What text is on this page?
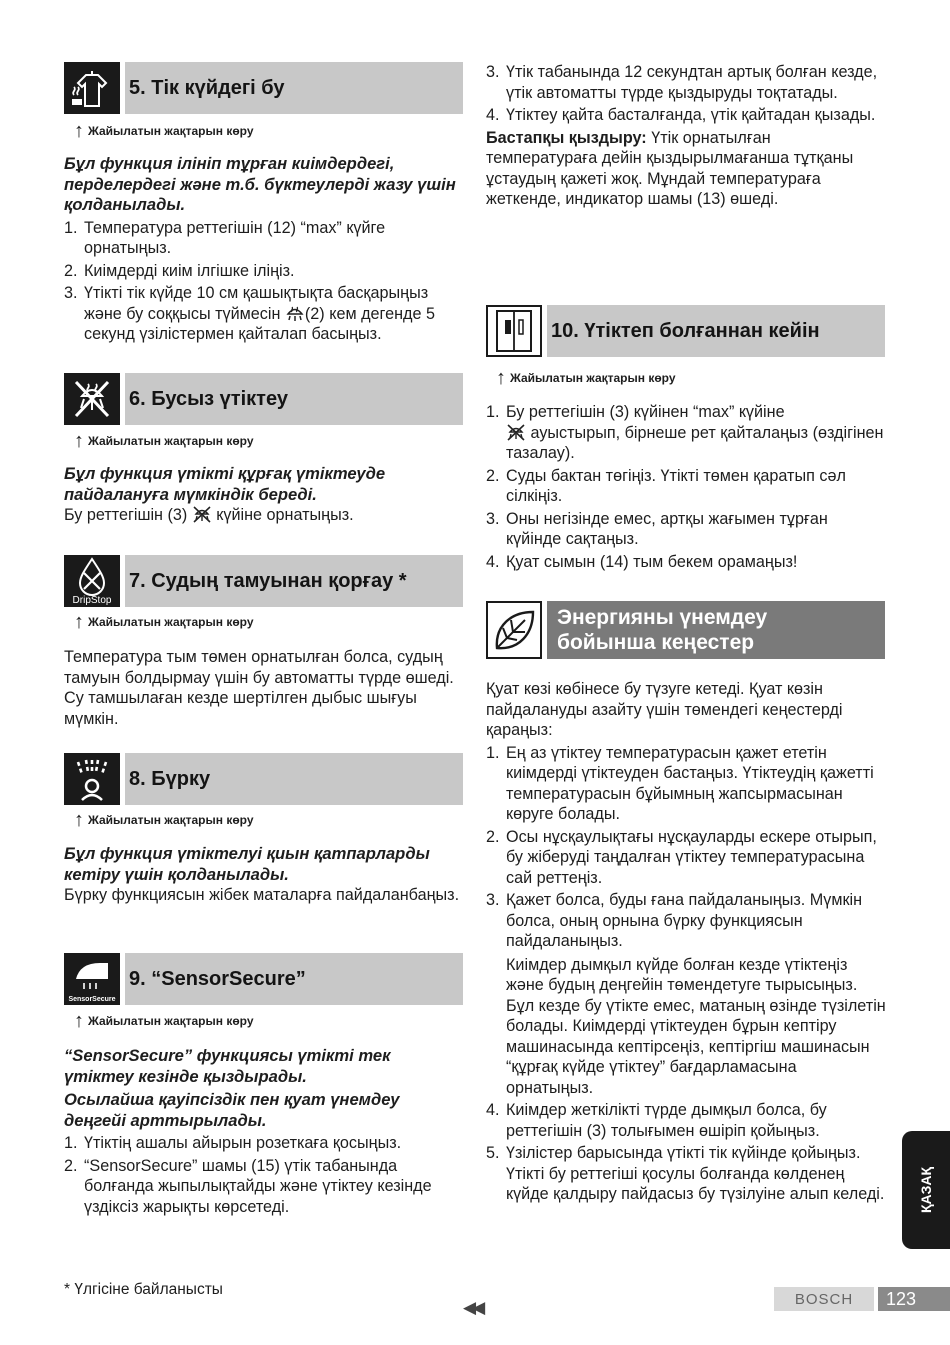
5. Тік күйдегі бу
↑ Жайылатын жақтарын көру

Бұл функция ілініп тұрған киімдердегі, перделердегі және т.б. бүктеулерді жазу үшін қолданылады.

1. Температура реттегішін (12) “max” күйге орнатыңыз.
2. Киімдерді киім ілгішке іліңіз.
3. Үтікті тік күйде 10 см қашықтықта басқарыңыз және бу соққысы түймесін (2) кем дегенде 5 секунд үзілістермен қайталап басыңыз.
6. Бусыз үтіктеу
↑ Жайылатын жақтарын көру

Бұл функция үтікті құрғақ үтіктеуде пайдалануға мүмкіндік береді.

Бу реттегішін (3) күйіне орнатыңыз.

DripStop
7. Судың тамуынан қорғау *
↑ Жайылатын жақтарын көру

Температура тым төмен орнатылған болса, судың тамуын болдырмау үшін бу автоматты түрде өшеді. Су тамшылаған кезде шертілген дыбыс шығуы мүмкін.

8. Бүрку
↑ Жайылатын жақтарын көру

Бұл функция үтіктелуі қиын қатпарларды кетіру үшін қолданылады.

Бүрку функциясын жібек маталарға пайдаланбаңыз.

SensorSecure
9. “SensorSecure”
↑ Жайылатын жақтарын көру

“SensorSecure” функциясы үтікті тек үтіктеу кезінде қыздырады.

Осылайша қауіпсіздік пен қуат үнемдеу деңгейі арттырылады.

1. Үтіктің ашалы айырын розеткаға қосыңыз.
2. “SensorSecure” шамы (15) үтік табанында болғанда жыпылықтайды және үтіктеу кезінде үздіксіз жарықты көрсетеді.
3. Үтік табанында 12 секундтан артық болған кезде, үтік автоматты түрде қыздыруды тоқтатады.
4. Үтіктеу қайта басталғанда, үтік қайтадан қызады.

Бастапқы қыздыру: Үтік орнатылған температураға дейін қыздырылмағанша тұтқаны ұстаудың қажеті жоқ. Мұндай температураға жеткенде, индикатор шамы (13) өшеді.

10. Үтіктеп болғаннан кейін
↑ Жайылатын жақтарын көру
1. Бу реттегішін (3) күйінен “max” күйіне
ауыстырып, бірнеше рет қайталаңыз (өздігінен тазалау).
2. Суды бактан төгіңіз. Үтікті төмен қаратып сәл сілкіңіз.
3. Оны негізінде емес, артқы жағымен тұрған күйінде сақтаңыз.
4. Қуат сымын (14) тым бекем орамаңыз!
Энергияны үнемдеу
бойынша кеңестер

Қуат көзі көбінесе бу түзуге кетеді. Қуат көзін пайдалануды азайту үшін төмендегі кеңестерді қараңыз:

1. Ең аз үтіктеу температурасын қажет ететін киімдерді үтіктеуден бастаңыз. Үтіктеудің қажетті температурасын бұйымның жапсырмасынан көруге болады.
2. Осы нұсқаулықтағы нұсқауларды ескере отырып, бу жіберуді таңдалған үтіктеу температурасына сай реттеңіз.
3. Қажет болса, буды ғана пайдаланыңыз. Мүмкін болса, оның орнына бүрку функциясын пайдаланыңыз.

Киімдер дымқыл күйде болған кезде үтіктеңіз және будың деңгейін төмендетуге тырысыңыз. Бұл кезде бу үтікте емес, матаның өзінде түзілетін болады. Киімдерді үтіктеуден бұрын кептіру машинасында кептірсеңіз, кептіргіш машинасын “құрғақ күйде үтіктеу” бағдарламасына орнатыңыз.

4. Киімдер жеткілікті түрде дымқыл болса, бу реттегішін (3) толығымен өшіріп қойыңыз.
5. Үзілістер барысында үтікті тік күйінде қойыңыз. Үтікті бу реттегіші қосулы болғанда көлденең күйде қалдыру пайдасыз бу түзілуіне алып келеді. ҚАЗАҚ
* Үлгісіне байланысты
◀◀	BOSCH	123
